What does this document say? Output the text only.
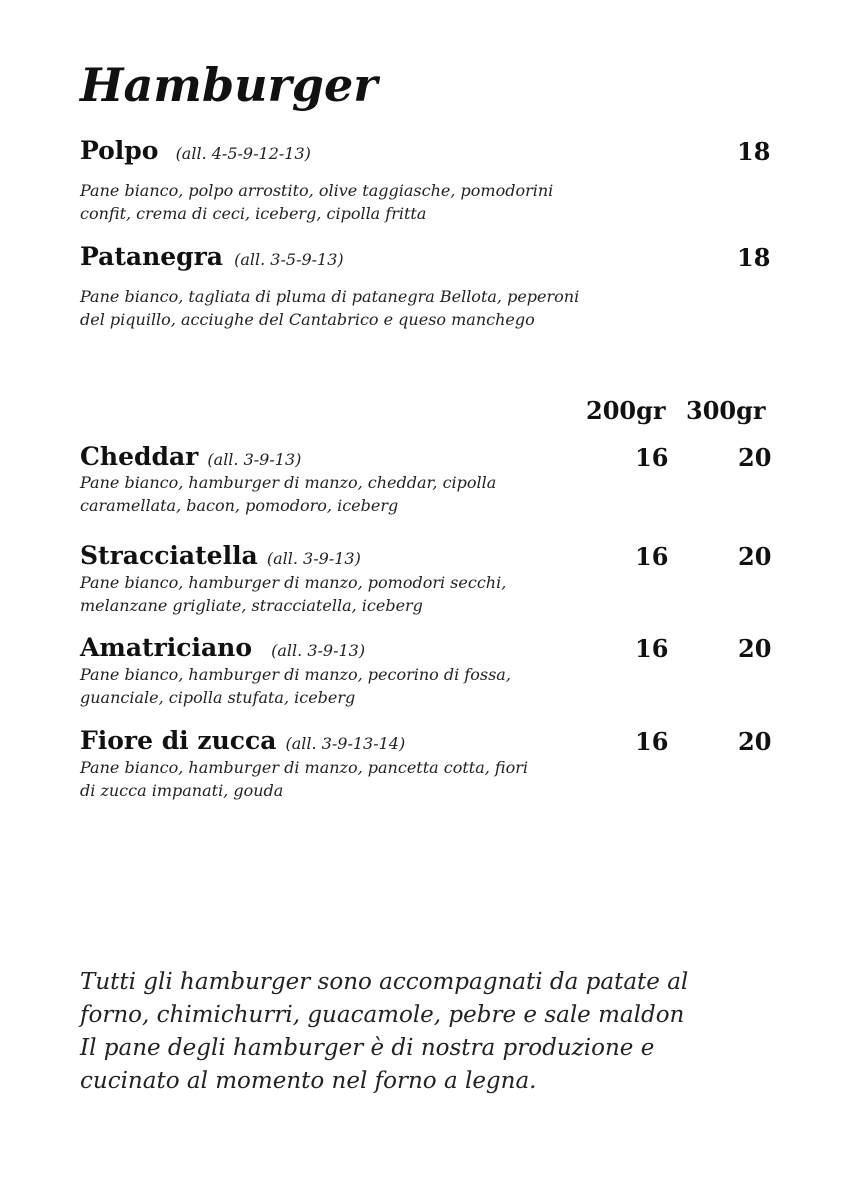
Hamburger
Polpo (all. 4-5-9-12-13)	18

Pane bianco, polpo arrostito, olive taggiasche, pomodorini
confit, crema di ceci, iceberg, cipolla fritta

Patanegra (all. 3-5-9-13)	18

Pane bianco, tagliata di pluma di patanegra Bellota, peperoni
del piquillo, acciughe del Cantabrico e queso manchego

200gr 300gr
Cheddar (all. 3-9-13)	16	20

Pane bianco, hamburger di manzo, cheddar, cipolla
caramellata, bacon, pomodoro, iceberg

Stracciatella (all. 3-9-13)	16	20

Pane bianco, hamburger di manzo, pomodori secchi,
melanzane grigliate, stracciatella, iceberg

Amatriciano (all. 3-9-13)	16	20

Pane bianco, hamburger di manzo, pecorino di fossa,
guanciale, cipolla stufata, iceberg

Fiore di zucca (all. 3-9-13-14)	16	20

Pane bianco, hamburger di manzo, pancetta cotta, fiori
di zucca impanati, gouda

Tutti gli hamburger sono accompagnati da patate al
forno, chimichurri, guacamole, pebre e sale maldon
Il pane degli hamburger è di nostra produzione e
cucinato al momento nel forno a legna.
